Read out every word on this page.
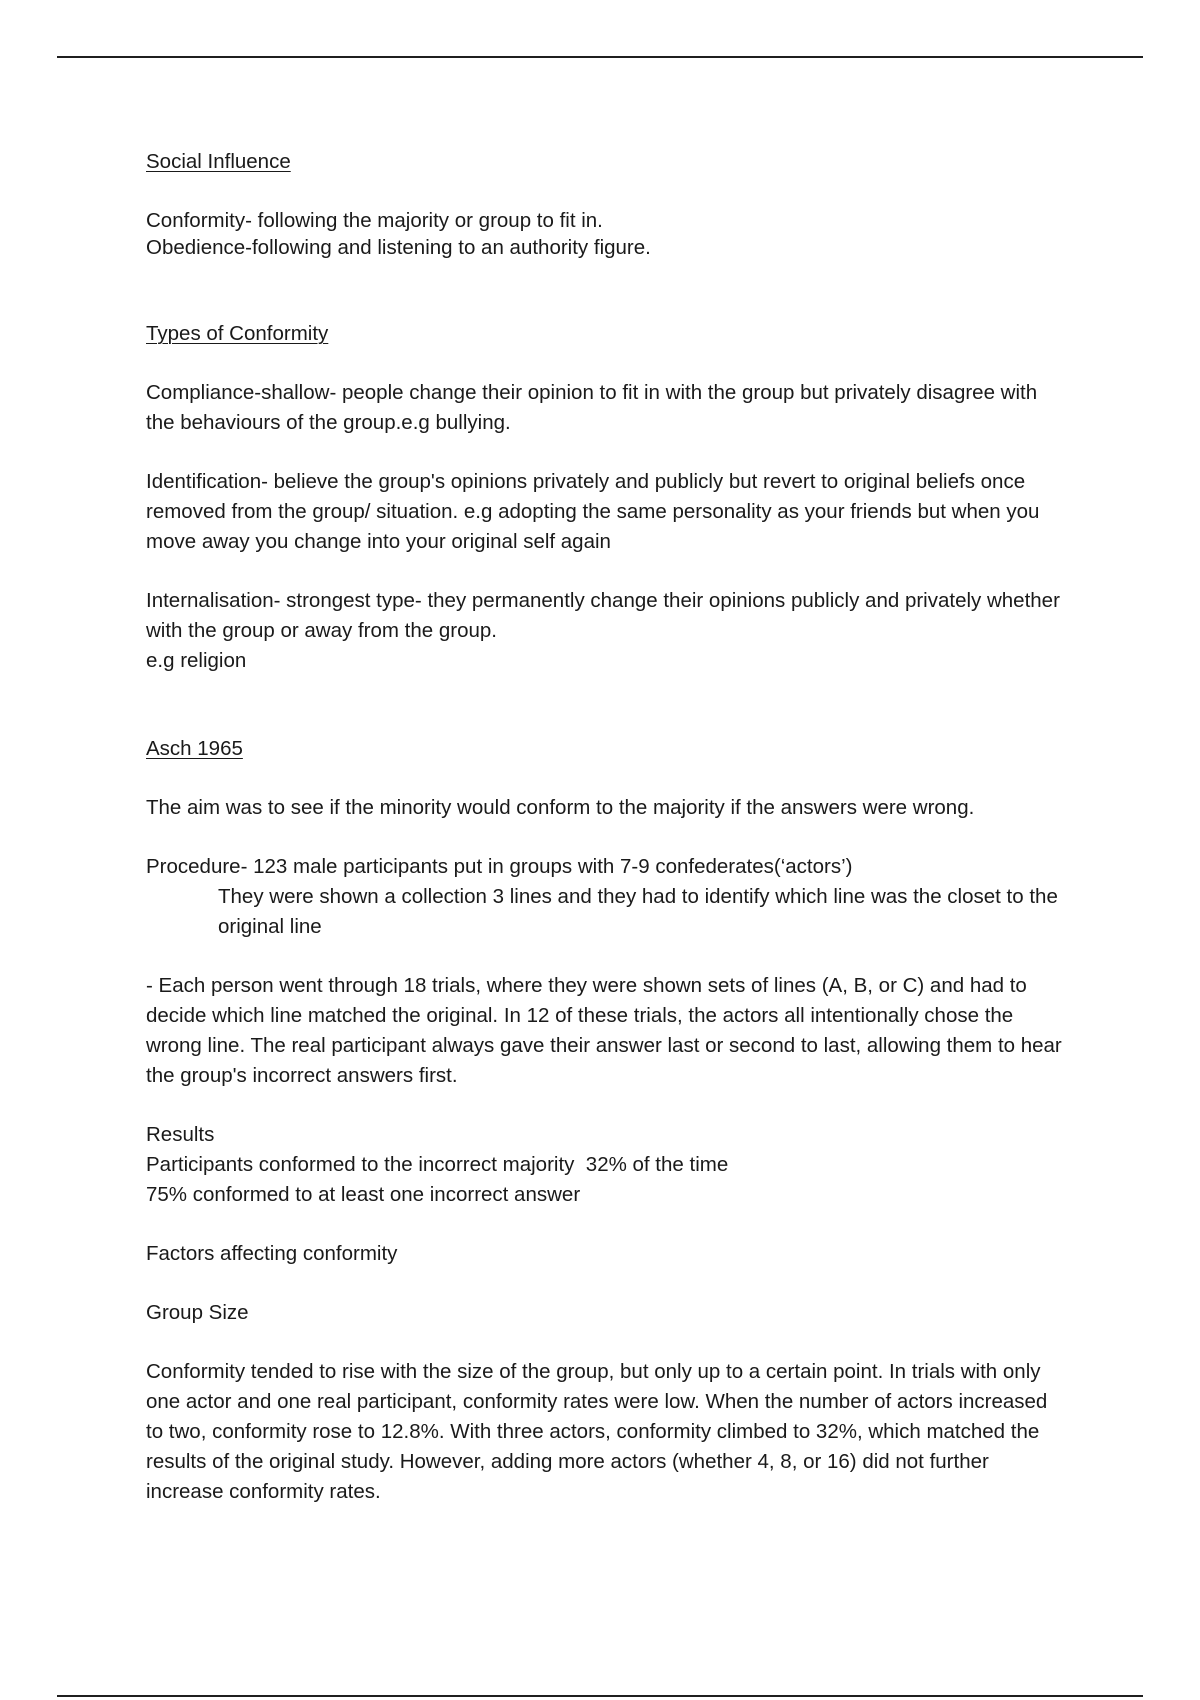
Social Influence

Conformity- following the majority or group to fit in.

Obedience-following and listening to an authority figure.

Types of Conformity

Compliance-shallow- people change their opinion to fit in with the group but privately disagree with the behaviours of the group.e.g bullying.

Identification- believe the group's opinions privately and publicly but revert to original beliefs once removed from the group/ situation. e.g adopting the same personality as your friends but when you move away you change into your original self again

Internalisation- strongest type- they permanently change their opinions publicly and privately whether with the group or away from the group.

e.g religion

Asch 1965

The aim was to see if the minority would conform to the majority if the answers were wrong.

Procedure- 123 male participants put in groups with 7-9 confederates(‘actors’)

They were shown a collection 3 lines and they had to identify which line was the closet to the original line

- Each person went through 18 trials, where they were shown sets of lines (A, B, or C) and had to decide which line matched the original. In 12 of these trials, the actors all intentionally chose the wrong line. The real participant always gave their answer last or second to last, allowing them to hear the group's incorrect answers first.

Results

Participants conformed to the incorrect majority  32% of the time

75% conformed to at least one incorrect answer

Factors affecting conformity

Group Size

Conformity tended to rise with the size of the group, but only up to a certain point. In trials with only one actor and one real participant, conformity rates were low. When the number of actors increased to two, conformity rose to 12.8%. With three actors, conformity climbed to 32%, which matched the results of the original study. However, adding more actors (whether 4, 8, or 16) did not further increase conformity rates.
